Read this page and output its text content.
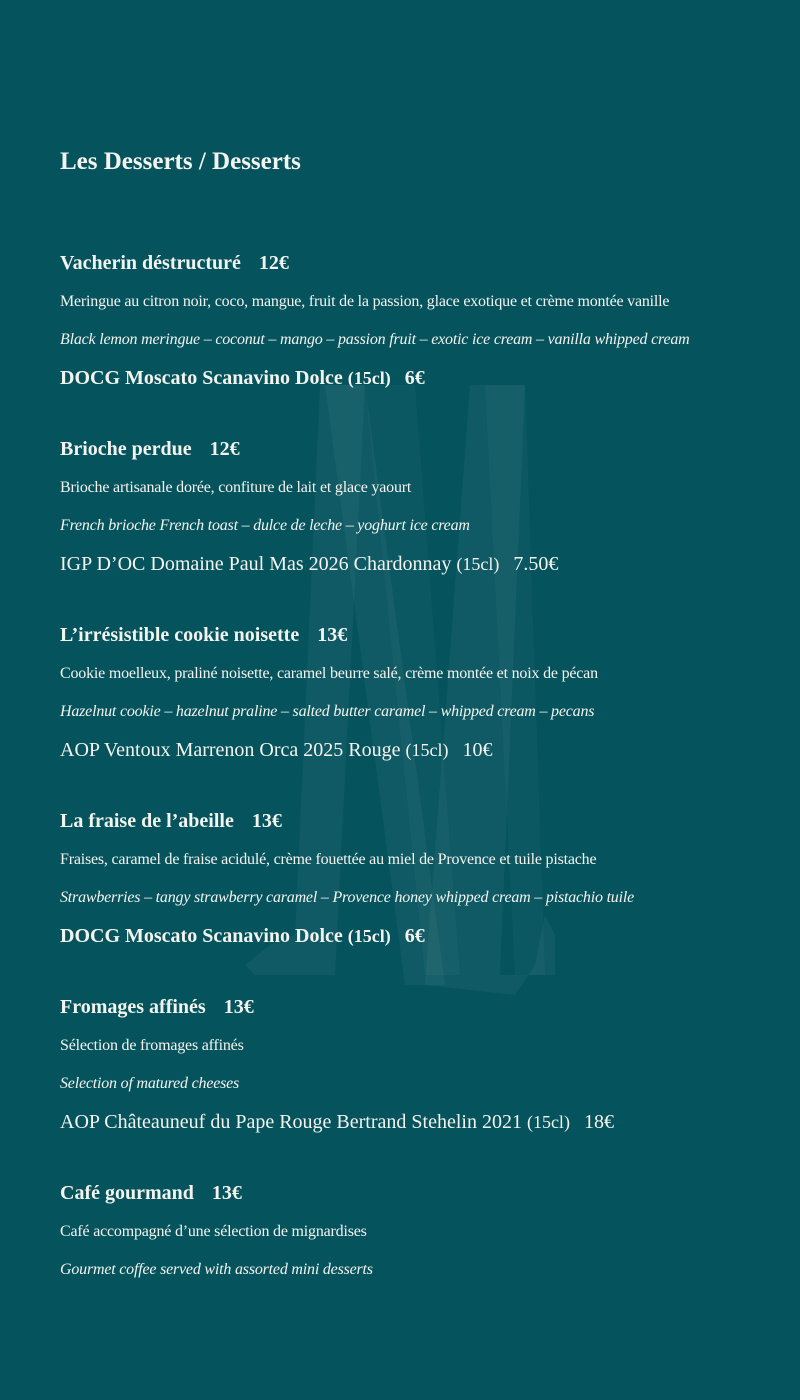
Les Desserts / Desserts
Vacherin déstructuré 12€
Meringue au citron noir, coco, mangue, fruit de la passion, glace exotique et crème montée vanille
Black lemon meringue – coconut – mango – passion fruit – exotic ice cream – vanilla whipped cream
DOCG Moscato Scanavino Dolce (15cl) 6€
Brioche perdue 12€
Brioche artisanale dorée, confiture de lait et glace yaourt
French brioche French toast – dulce de leche – yoghurt ice cream
IGP D’OC Domaine Paul Mas 2026 Chardonnay (15cl) 7.50€
L’irrésistible cookie noisette 13€
Cookie moelleux, praliné noisette, caramel beurre salé, crème montée et noix de pécan
Hazelnut cookie – hazelnut praline – salted butter caramel – whipped cream – pecans
AOP Ventoux Marrenon Orca 2025 Rouge (15cl) 10€
La fraise de l’abeille 13€
Fraises, caramel de fraise acidulé, crème fouettée au miel de Provence et tuile pistache
Strawberries – tangy strawberry caramel – Provence honey whipped cream – pistachio tuile
DOCG Moscato Scanavino Dolce (15cl) 6€
Fromages affinés 13€
Sélection de fromages affinés
Selection of matured cheeses
AOP Châteauneuf du Pape Rouge Bertrand Stehelin 2021 (15cl) 18€
Café gourmand 13€
Café accompagné d’une sélection de mignardises
Gourmet coffee served with assorted mini desserts
